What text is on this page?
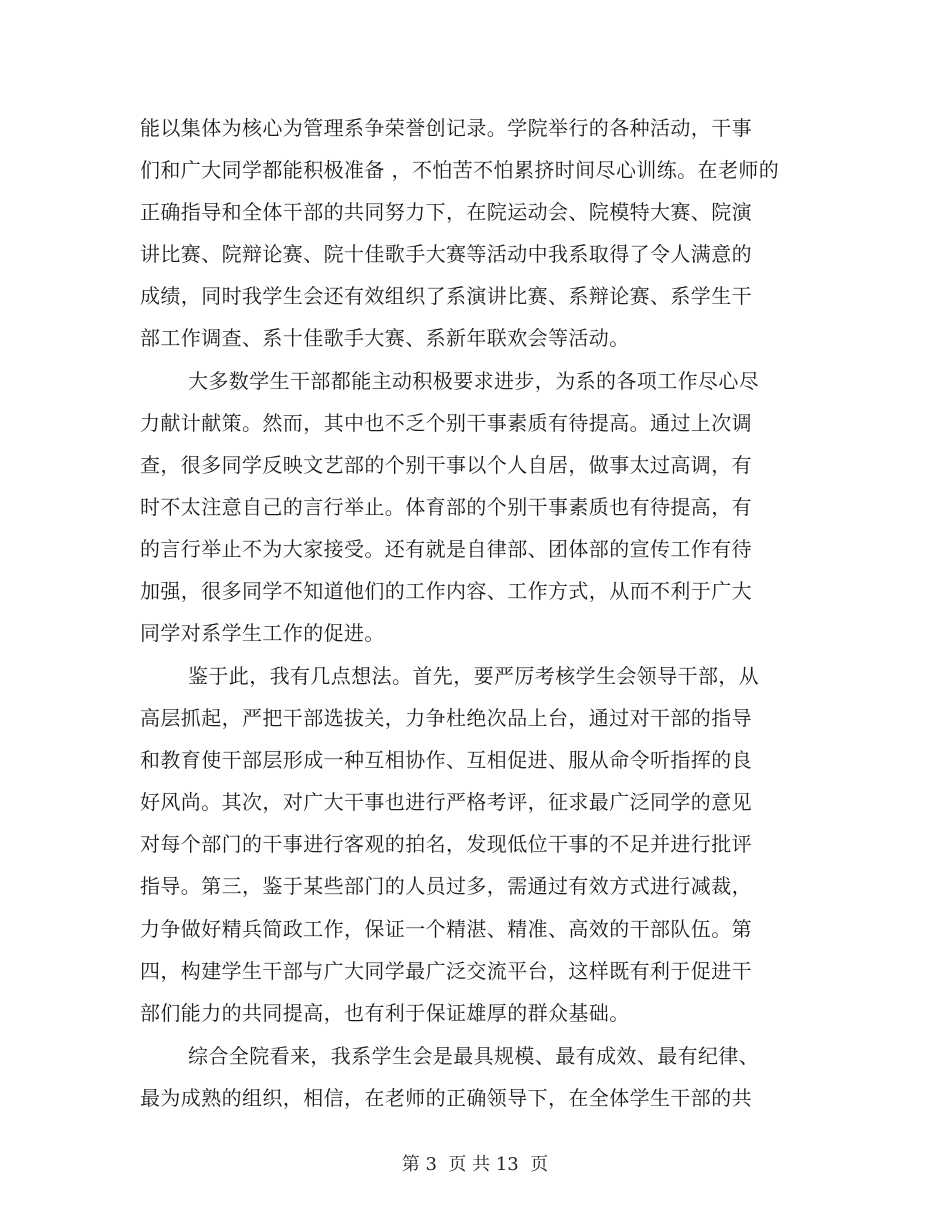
能以集体为核心为管理系争荣誉创记录。学院举行的各种活动，干事
们和广大同学都能积极准备 ，不怕苦不怕累挤时间尽心训练。在老师的
正确指导和全体干部的共同努力下，在院运动会、院模特大赛、院演
讲比赛、院辩论赛、院十佳歌手大赛等活动中我系取得了令人满意的
成绩，同时我学生会还有效组织了系演讲比赛、系辩论赛、系学生干
部工作调查、系十佳歌手大赛、系新年联欢会等活动。
大多数学生干部都能主动积极要求进步，为系的各项工作尽心尽
力献计献策。然而，其中也不乏个别干事素质有待提高。通过上次调
查，很多同学反映文艺部的个别干事以个人自居，做事太过高调，有
时不太注意自己的言行举止。体育部的个别干事素质也有待提高，有
的言行举止不为大家接受。还有就是自律部、团体部的宣传工作有待
加强，很多同学不知道他们的工作内容、工作方式，从而不利于广大
同学对系学生工作的促进。
鉴于此，我有几点想法。首先，要严厉考核学生会领导干部，从
高层抓起，严把干部选拔关，力争杜绝次品上台，通过对干部的指导
和教育使干部层形成一种互相协作、互相促进、服从命令听指挥的良
好风尚。其次，对广大干事也进行严格考评，征求最广泛同学的意见
对每个部门的干事进行客观的拍名，发现低位干事的不足并进行批评
指导。第三，鉴于某些部门的人员过多，需通过有效方式进行减裁，
力争做好精兵简政工作，保证一个精湛、精准、高效的干部队伍。第
四，构建学生干部与广大同学最广泛交流平台，这样既有利于促进干
部们能力的共同提高，也有利于保证雄厚的群众基础。
综合全院看来，我系学生会是最具规模、最有成效、最有纪律、
最为成熟的组织，相信，在老师的正确领导下，在全体学生干部的共
第 3  页 共 13  页
